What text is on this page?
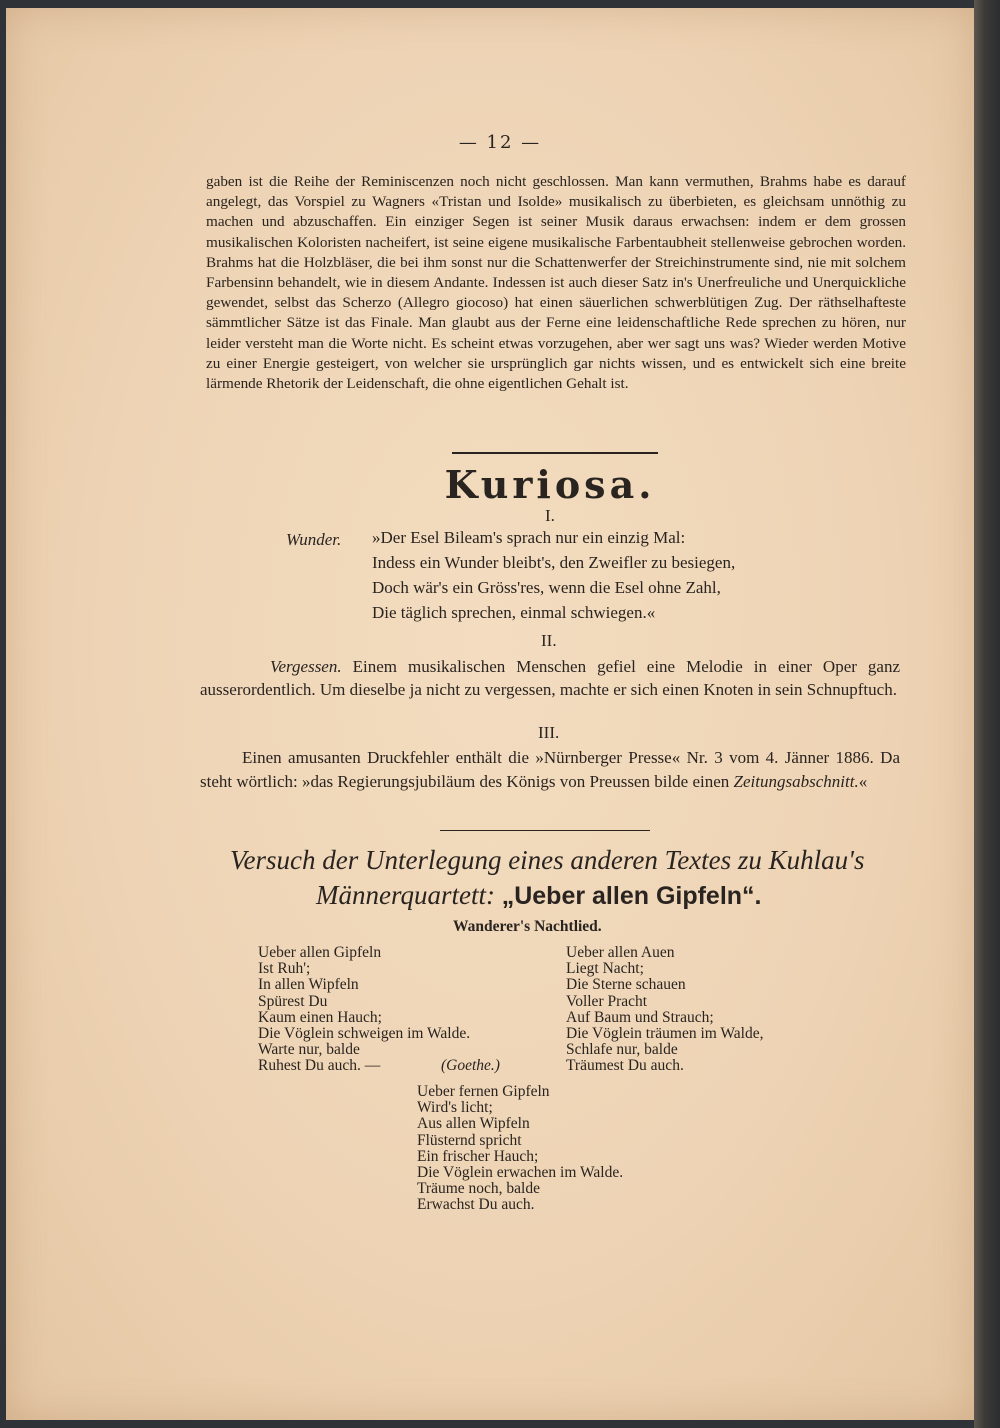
— 12 —

gaben ist die Reihe der Reminiscenzen noch nicht geschlossen. Man kann vermuthen, Brahms habe es darauf angelegt, das Vorspiel zu Wagners «Tristan und Isolde» musikalisch zu überbieten, es gleichsam unnöthig zu machen und abzuschaffen. Ein einziger Segen ist seiner Musik daraus erwachsen: indem er dem grossen musikalischen Koloristen nacheifert, ist seine eigene musikalische Farbentaubheit stellenweise gebrochen worden. Brahms hat die Holzbläser, die bei ihm sonst nur die Schattenwerfer der Streichinstrumente sind, nie mit solchem Farbensinn behandelt, wie in diesem Andante. Indessen ist auch dieser Satz in's Unerfreuliche und Unerquickliche gewendet, selbst das Scherzo (Allegro giocoso) hat einen säuerlichen schwerblütigen Zug. Der räthselhafteste sämmtlicher Sätze ist das Finale. Man glaubt aus der Ferne eine leidenschaftliche Rede sprechen zu hören, nur leider versteht man die Worte nicht. Es scheint etwas vorzugehen, aber wer sagt uns was? Wieder werden Motive zu einer Energie gesteigert, von welcher sie ursprünglich gar nichts wissen, und es entwickelt sich eine breite lärmende Rhetorik der Leidenschaft, die ohne eigentlichen Gehalt ist.

Kuriosa.
I.
Wunder. »Der Esel Bileam's sprach nur ein einzig Mal:
Indess ein Wunder bleibt's, den Zweifler zu besiegen,
Doch wär's ein Gröss'res, wenn die Esel ohne Zahl,
Die täglich sprechen, einmal schwiegen.«
II.

Vergessen. Einem musikalischen Menschen gefiel eine Melodie in einer Oper ganz ausserordentlich. Um dieselbe ja nicht zu vergessen, machte er sich einen Knoten in sein Schnupftuch.

III.

Einen amusanten Druckfehler enthält die »Nürnberger Presse« Nr. 3 vom 4. Jänner 1886. Da steht wörtlich: »das Regierungsjubiläum des Königs von Preussen bilde einen Zeitungsabschnitt.«

Versuch der Unterlegung eines anderen Textes zu Kuhlau's
Männerquartett: „Ueber allen Gipfeln“.
Wanderer's Nachtlied.
Ueber allen Gipfeln
Ist Ruh';
In allen Wipfeln
Spürest Du
Kaum einen Hauch;
Die Vöglein schweigen im Walde.
Warte nur, balde
Ruhest Du auch. —	(Goethe.)
Ueber allen Auen
Liegt Nacht;
Die Sterne schauen
Voller Pracht
Auf Baum und Strauch;
Die Vöglein träumen im Walde,
Schlafe nur, balde
Träumest Du auch.
Ueber fernen Gipfeln
Wird's licht;
Aus allen Wipfeln
Flüsternd spricht
Ein frischer Hauch;
Die Vöglein erwachen im Walde.
Träume noch, balde
Erwachst Du auch.
